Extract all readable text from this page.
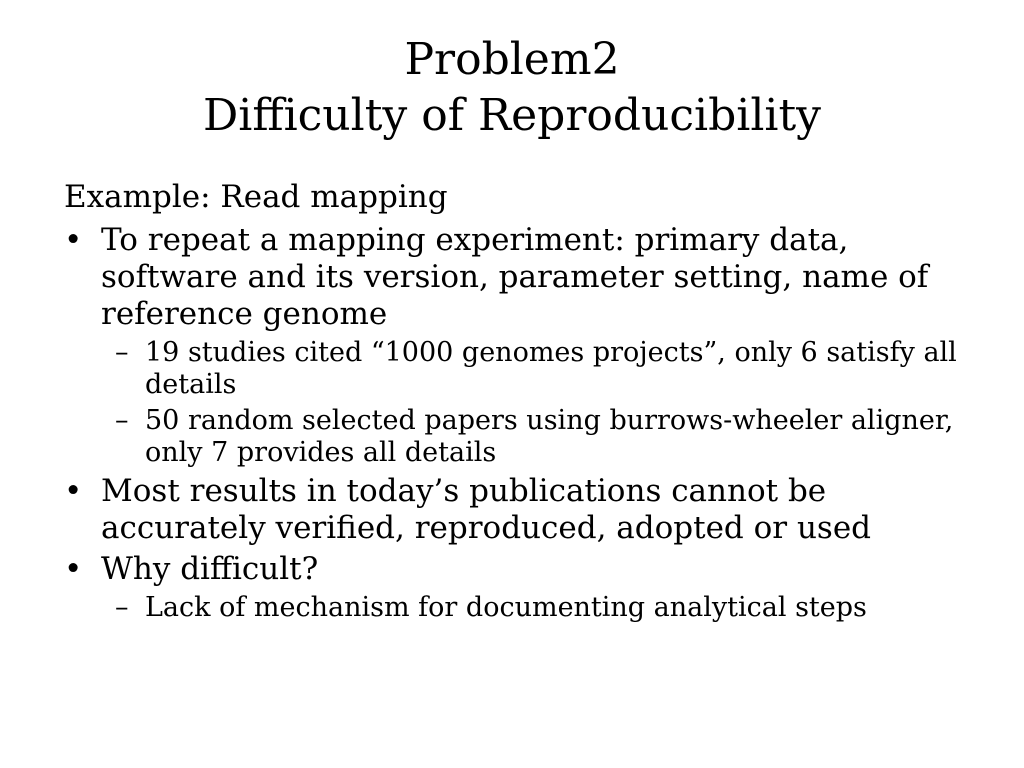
Problem2
Difficulty of Reproducibility

Example: Read mapping

• To repeat a mapping experiment: primary data, software and its version, parameter setting, name of reference genome
– 19 studies cited “1000 genomes projects”, only 6 satisfy all details
– 50 random selected papers using burrows-wheeler aligner, only 7 provides all details
• Most results in today’s publications cannot be accurately verified, reproduced, adopted or used
• Why difficult?
– Lack of mechanism for documenting analytical steps
